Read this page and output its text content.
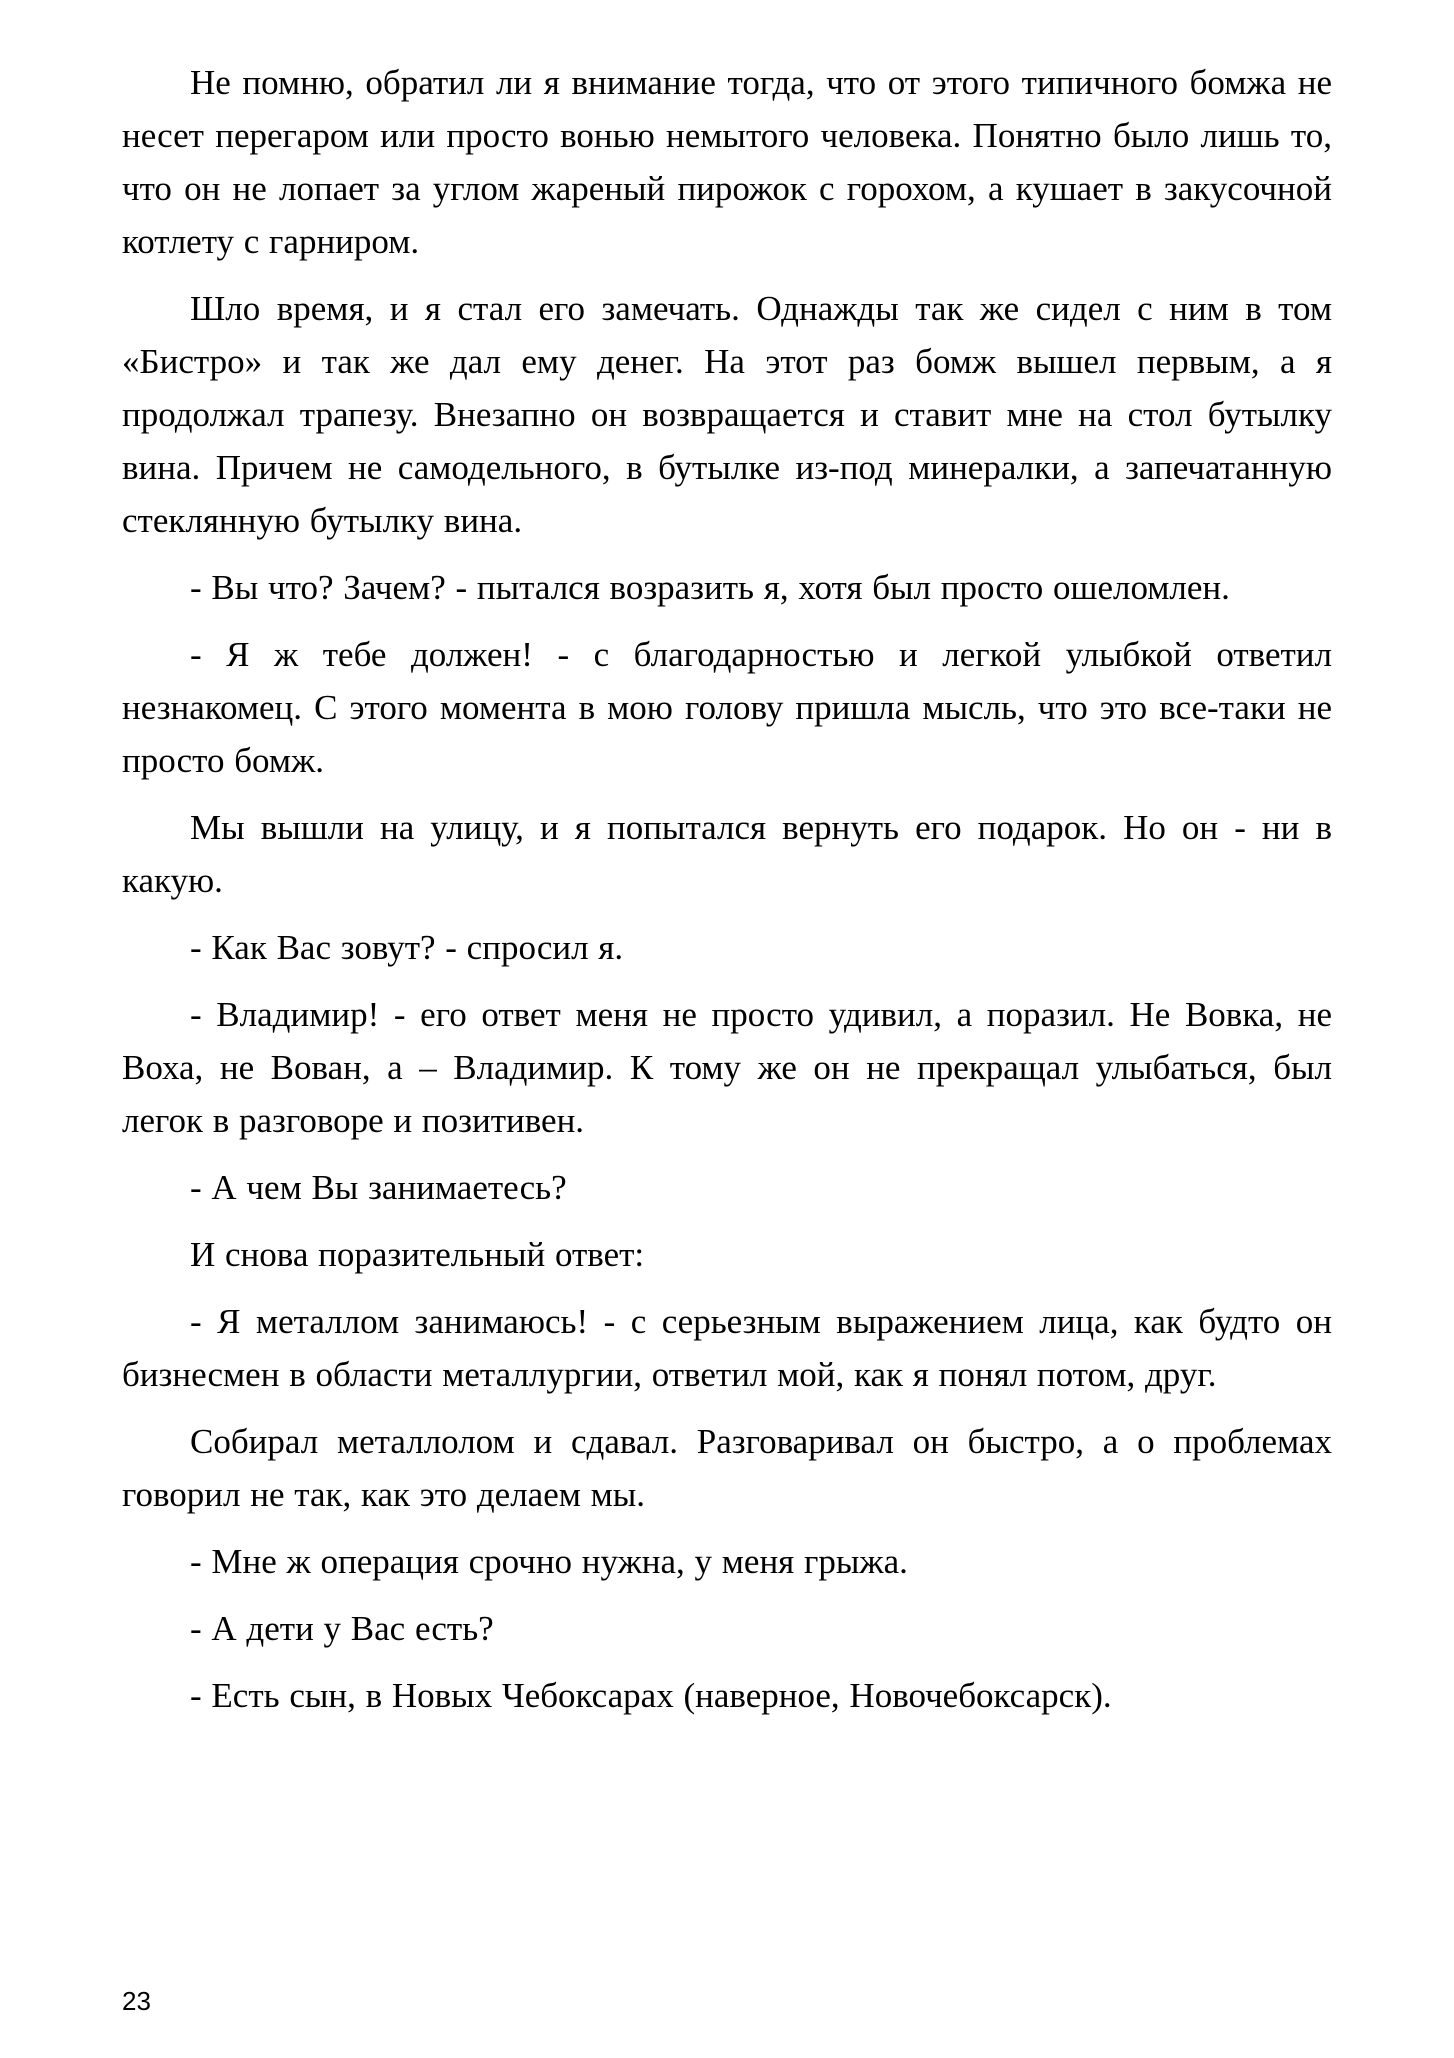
Не помню, обратил ли я внимание тогда, что от этого типичного бомжа не несет перегаром или просто вонью немытого человека. Понятно было лишь то, что он не лопает за углом жареный пирожок с горохом, а кушает в закусочной котлету с гарниром.

Шло время, и я стал его замечать. Однажды так же сидел с ним в том «Бистро» и так же дал ему денег. На этот раз бомж вышел первым, а я продолжал трапезу. Внезапно он возвращается и ставит мне на стол бутылку вина. Причем не самодельного, в бутылке из-под минералки, а запечатанную стеклянную бутылку вина.

- Вы что? Зачем? - пытался возразить я, хотя был просто ошеломлен.

- Я ж тебе должен! - с благодарностью и легкой улыбкой ответил незнакомец. С этого момента в мою голову пришла мысль, что это все-таки не просто бомж.

Мы вышли на улицу, и я попытался вернуть его подарок. Но он - ни в какую.

- Как Вас зовут? - спросил я.

- Владимир! - его ответ меня не просто удивил, а поразил. Не Вовка, не Воха, не Вован, а – Владимир. К тому же он не прекращал улыбаться, был легок в разговоре и позитивен.

- А чем Вы занимаетесь?

И снова поразительный ответ:

- Я металлом занимаюсь! - с серьезным выражением лица, как будто он бизнесмен в области металлургии, ответил мой, как я понял потом, друг.

Собирал металлолом и сдавал. Разговаривал он быстро, а о проблемах говорил не так, как это делаем мы.

- Мне ж операция срочно нужна, у меня грыжа.

- А дети у Вас есть?

- Есть сын, в Новых Чебоксарах (наверное, Новочебоксарск).

23
